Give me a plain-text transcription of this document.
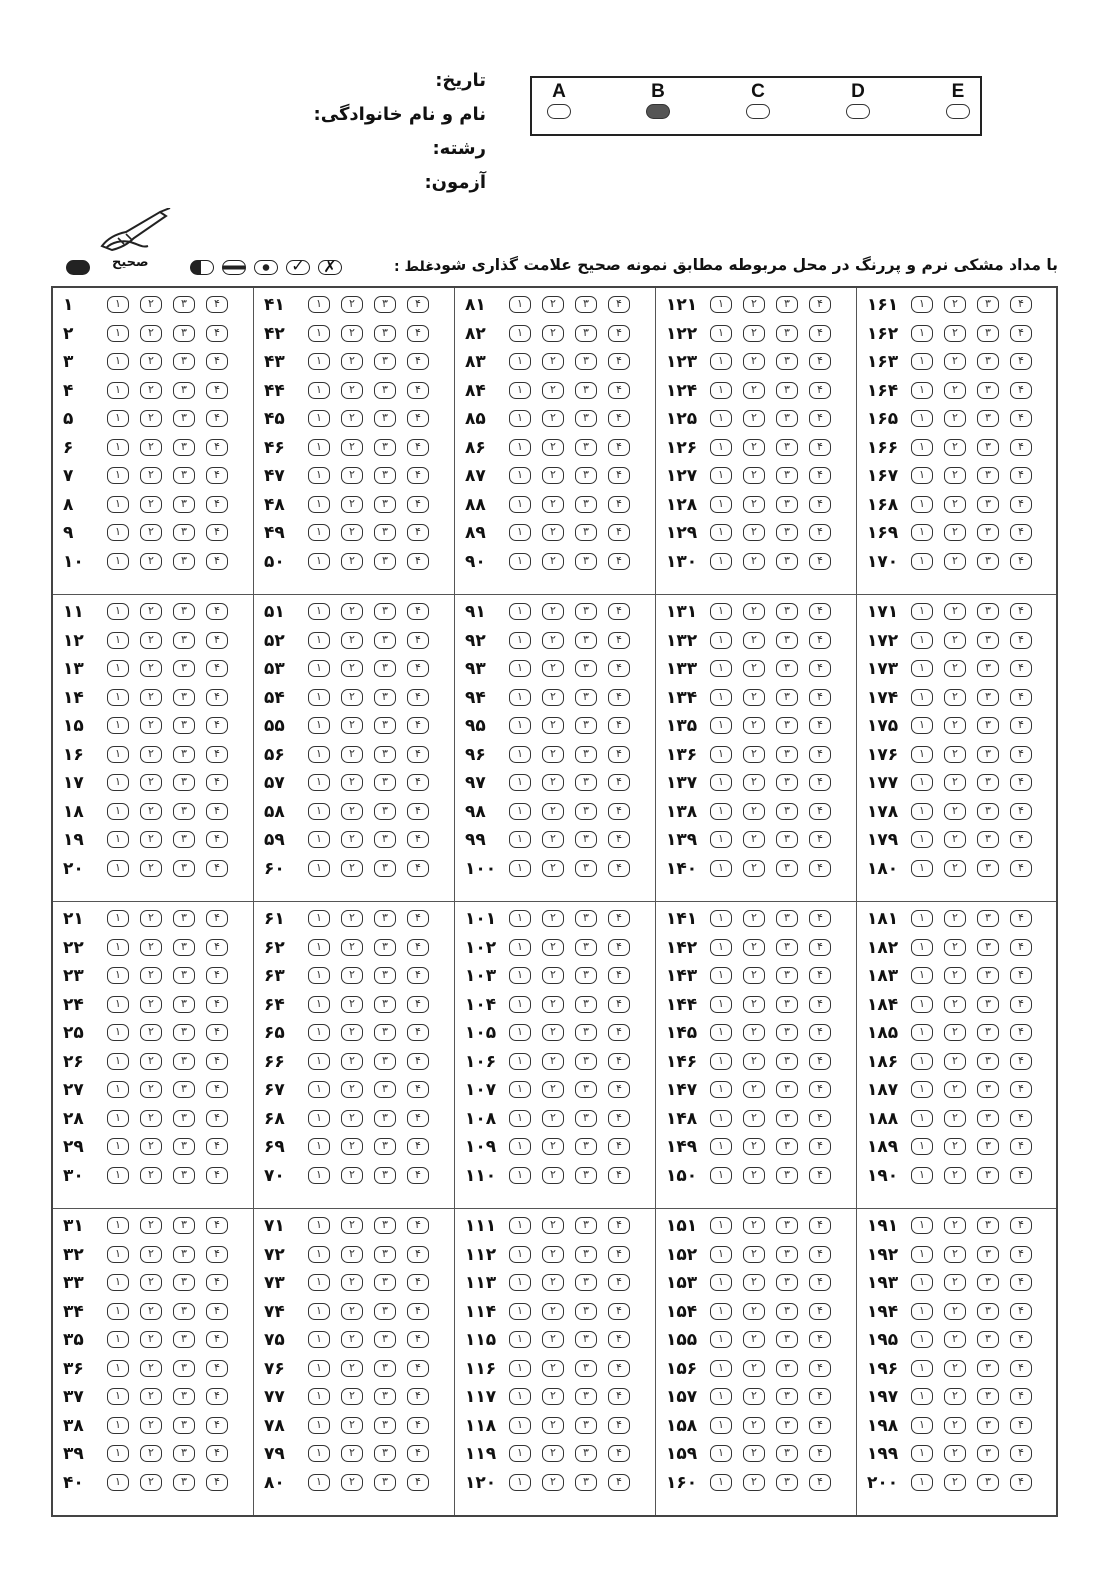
تاریخ:
نام و نام خانوادگی:
رشته:
آزمون:
A	B	C	D	E
با مداد مشکی نرم و پررنگ در محل مربوطه مطابق نمونه صحیح علامت گذاری شود.
صحیح	✓	✗	غلط :
۱	۱	۲	۳	۴
۲	۱	۲	۳	۴
۳	۱	۲	۳	۴
۴	۱	۲	۳	۴
۵	۱	۲	۳	۴
۶	۱	۲	۳	۴
۷	۱	۲	۳	۴
۸	۱	۲	۳	۴
۹	۱	۲	۳	۴
۱۰	۱	۲	۳	۴
۱۱	۱	۲	۳	۴
۱۲	۱	۲	۳	۴
۱۳	۱	۲	۳	۴
۱۴	۱	۲	۳	۴
۱۵	۱	۲	۳	۴
۱۶	۱	۲	۳	۴
۱۷	۱	۲	۳	۴
۱۸	۱	۲	۳	۴
۱۹	۱	۲	۳	۴
۲۰	۱	۲	۳	۴
۲۱	۱	۲	۳	۴
۲۲	۱	۲	۳	۴
۲۳	۱	۲	۳	۴
۲۴	۱	۲	۳	۴
۲۵	۱	۲	۳	۴
۲۶	۱	۲	۳	۴
۲۷	۱	۲	۳	۴
۲۸	۱	۲	۳	۴
۲۹	۱	۲	۳	۴
۳۰	۱	۲	۳	۴
۳۱	۱	۲	۳	۴
۳۲	۱	۲	۳	۴
۳۳	۱	۲	۳	۴
۳۴	۱	۲	۳	۴
۳۵	۱	۲	۳	۴
۳۶	۱	۲	۳	۴
۳۷	۱	۲	۳	۴
۳۸	۱	۲	۳	۴
۳۹	۱	۲	۳	۴
۴۰	۱	۲	۳	۴
۴۱	۱	۲	۳	۴
۴۲	۱	۲	۳	۴
۴۳	۱	۲	۳	۴
۴۴	۱	۲	۳	۴
۴۵	۱	۲	۳	۴
۴۶	۱	۲	۳	۴
۴۷	۱	۲	۳	۴
۴۸	۱	۲	۳	۴
۴۹	۱	۲	۳	۴
۵۰	۱	۲	۳	۴
۵۱	۱	۲	۳	۴
۵۲	۱	۲	۳	۴
۵۳	۱	۲	۳	۴
۵۴	۱	۲	۳	۴
۵۵	۱	۲	۳	۴
۵۶	۱	۲	۳	۴
۵۷	۱	۲	۳	۴
۵۸	۱	۲	۳	۴
۵۹	۱	۲	۳	۴
۶۰	۱	۲	۳	۴
۶۱	۱	۲	۳	۴
۶۲	۱	۲	۳	۴
۶۳	۱	۲	۳	۴
۶۴	۱	۲	۳	۴
۶۵	۱	۲	۳	۴
۶۶	۱	۲	۳	۴
۶۷	۱	۲	۳	۴
۶۸	۱	۲	۳	۴
۶۹	۱	۲	۳	۴
۷۰	۱	۲	۳	۴
۷۱	۱	۲	۳	۴
۷۲	۱	۲	۳	۴
۷۳	۱	۲	۳	۴
۷۴	۱	۲	۳	۴
۷۵	۱	۲	۳	۴
۷۶	۱	۲	۳	۴
۷۷	۱	۲	۳	۴
۷۸	۱	۲	۳	۴
۷۹	۱	۲	۳	۴
۸۰	۱	۲	۳	۴
۸۱	۱	۲	۳	۴
۸۲	۱	۲	۳	۴
۸۳	۱	۲	۳	۴
۸۴	۱	۲	۳	۴
۸۵	۱	۲	۳	۴
۸۶	۱	۲	۳	۴
۸۷	۱	۲	۳	۴
۸۸	۱	۲	۳	۴
۸۹	۱	۲	۳	۴
۹۰	۱	۲	۳	۴
۹۱	۱	۲	۳	۴
۹۲	۱	۲	۳	۴
۹۳	۱	۲	۳	۴
۹۴	۱	۲	۳	۴
۹۵	۱	۲	۳	۴
۹۶	۱	۲	۳	۴
۹۷	۱	۲	۳	۴
۹۸	۱	۲	۳	۴
۹۹	۱	۲	۳	۴
۱۰۰	۱	۲	۳	۴
۱۰۱	۱	۲	۳	۴
۱۰۲	۱	۲	۳	۴
۱۰۳	۱	۲	۳	۴
۱۰۴	۱	۲	۳	۴
۱۰۵	۱	۲	۳	۴
۱۰۶	۱	۲	۳	۴
۱۰۷	۱	۲	۳	۴
۱۰۸	۱	۲	۳	۴
۱۰۹	۱	۲	۳	۴
۱۱۰	۱	۲	۳	۴
۱۱۱	۱	۲	۳	۴
۱۱۲	۱	۲	۳	۴
۱۱۳	۱	۲	۳	۴
۱۱۴	۱	۲	۳	۴
۱۱۵	۱	۲	۳	۴
۱۱۶	۱	۲	۳	۴
۱۱۷	۱	۲	۳	۴
۱۱۸	۱	۲	۳	۴
۱۱۹	۱	۲	۳	۴
۱۲۰	۱	۲	۳	۴
۱۲۱	۱	۲	۳	۴
۱۲۲	۱	۲	۳	۴
۱۲۳	۱	۲	۳	۴
۱۲۴	۱	۲	۳	۴
۱۲۵	۱	۲	۳	۴
۱۲۶	۱	۲	۳	۴
۱۲۷	۱	۲	۳	۴
۱۲۸	۱	۲	۳	۴
۱۲۹	۱	۲	۳	۴
۱۳۰	۱	۲	۳	۴
۱۳۱	۱	۲	۳	۴
۱۳۲	۱	۲	۳	۴
۱۳۳	۱	۲	۳	۴
۱۳۴	۱	۲	۳	۴
۱۳۵	۱	۲	۳	۴
۱۳۶	۱	۲	۳	۴
۱۳۷	۱	۲	۳	۴
۱۳۸	۱	۲	۳	۴
۱۳۹	۱	۲	۳	۴
۱۴۰	۱	۲	۳	۴
۱۴۱	۱	۲	۳	۴
۱۴۲	۱	۲	۳	۴
۱۴۳	۱	۲	۳	۴
۱۴۴	۱	۲	۳	۴
۱۴۵	۱	۲	۳	۴
۱۴۶	۱	۲	۳	۴
۱۴۷	۱	۲	۳	۴
۱۴۸	۱	۲	۳	۴
۱۴۹	۱	۲	۳	۴
۱۵۰	۱	۲	۳	۴
۱۵۱	۱	۲	۳	۴
۱۵۲	۱	۲	۳	۴
۱۵۳	۱	۲	۳	۴
۱۵۴	۱	۲	۳	۴
۱۵۵	۱	۲	۳	۴
۱۵۶	۱	۲	۳	۴
۱۵۷	۱	۲	۳	۴
۱۵۸	۱	۲	۳	۴
۱۵۹	۱	۲	۳	۴
۱۶۰	۱	۲	۳	۴
۱۶۱	۱	۲	۳	۴
۱۶۲	۱	۲	۳	۴
۱۶۳	۱	۲	۳	۴
۱۶۴	۱	۲	۳	۴
۱۶۵	۱	۲	۳	۴
۱۶۶	۱	۲	۳	۴
۱۶۷	۱	۲	۳	۴
۱۶۸	۱	۲	۳	۴
۱۶۹	۱	۲	۳	۴
۱۷۰	۱	۲	۳	۴
۱۷۱	۱	۲	۳	۴
۱۷۲	۱	۲	۳	۴
۱۷۳	۱	۲	۳	۴
۱۷۴	۱	۲	۳	۴
۱۷۵	۱	۲	۳	۴
۱۷۶	۱	۲	۳	۴
۱۷۷	۱	۲	۳	۴
۱۷۸	۱	۲	۳	۴
۱۷۹	۱	۲	۳	۴
۱۸۰	۱	۲	۳	۴
۱۸۱	۱	۲	۳	۴
۱۸۲	۱	۲	۳	۴
۱۸۳	۱	۲	۳	۴
۱۸۴	۱	۲	۳	۴
۱۸۵	۱	۲	۳	۴
۱۸۶	۱	۲	۳	۴
۱۸۷	۱	۲	۳	۴
۱۸۸	۱	۲	۳	۴
۱۸۹	۱	۲	۳	۴
۱۹۰	۱	۲	۳	۴
۱۹۱	۱	۲	۳	۴
۱۹۲	۱	۲	۳	۴
۱۹۳	۱	۲	۳	۴
۱۹۴	۱	۲	۳	۴
۱۹۵	۱	۲	۳	۴
۱۹۶	۱	۲	۳	۴
۱۹۷	۱	۲	۳	۴
۱۹۸	۱	۲	۳	۴
۱۹۹	۱	۲	۳	۴
۲۰۰	۱	۲	۳	۴
